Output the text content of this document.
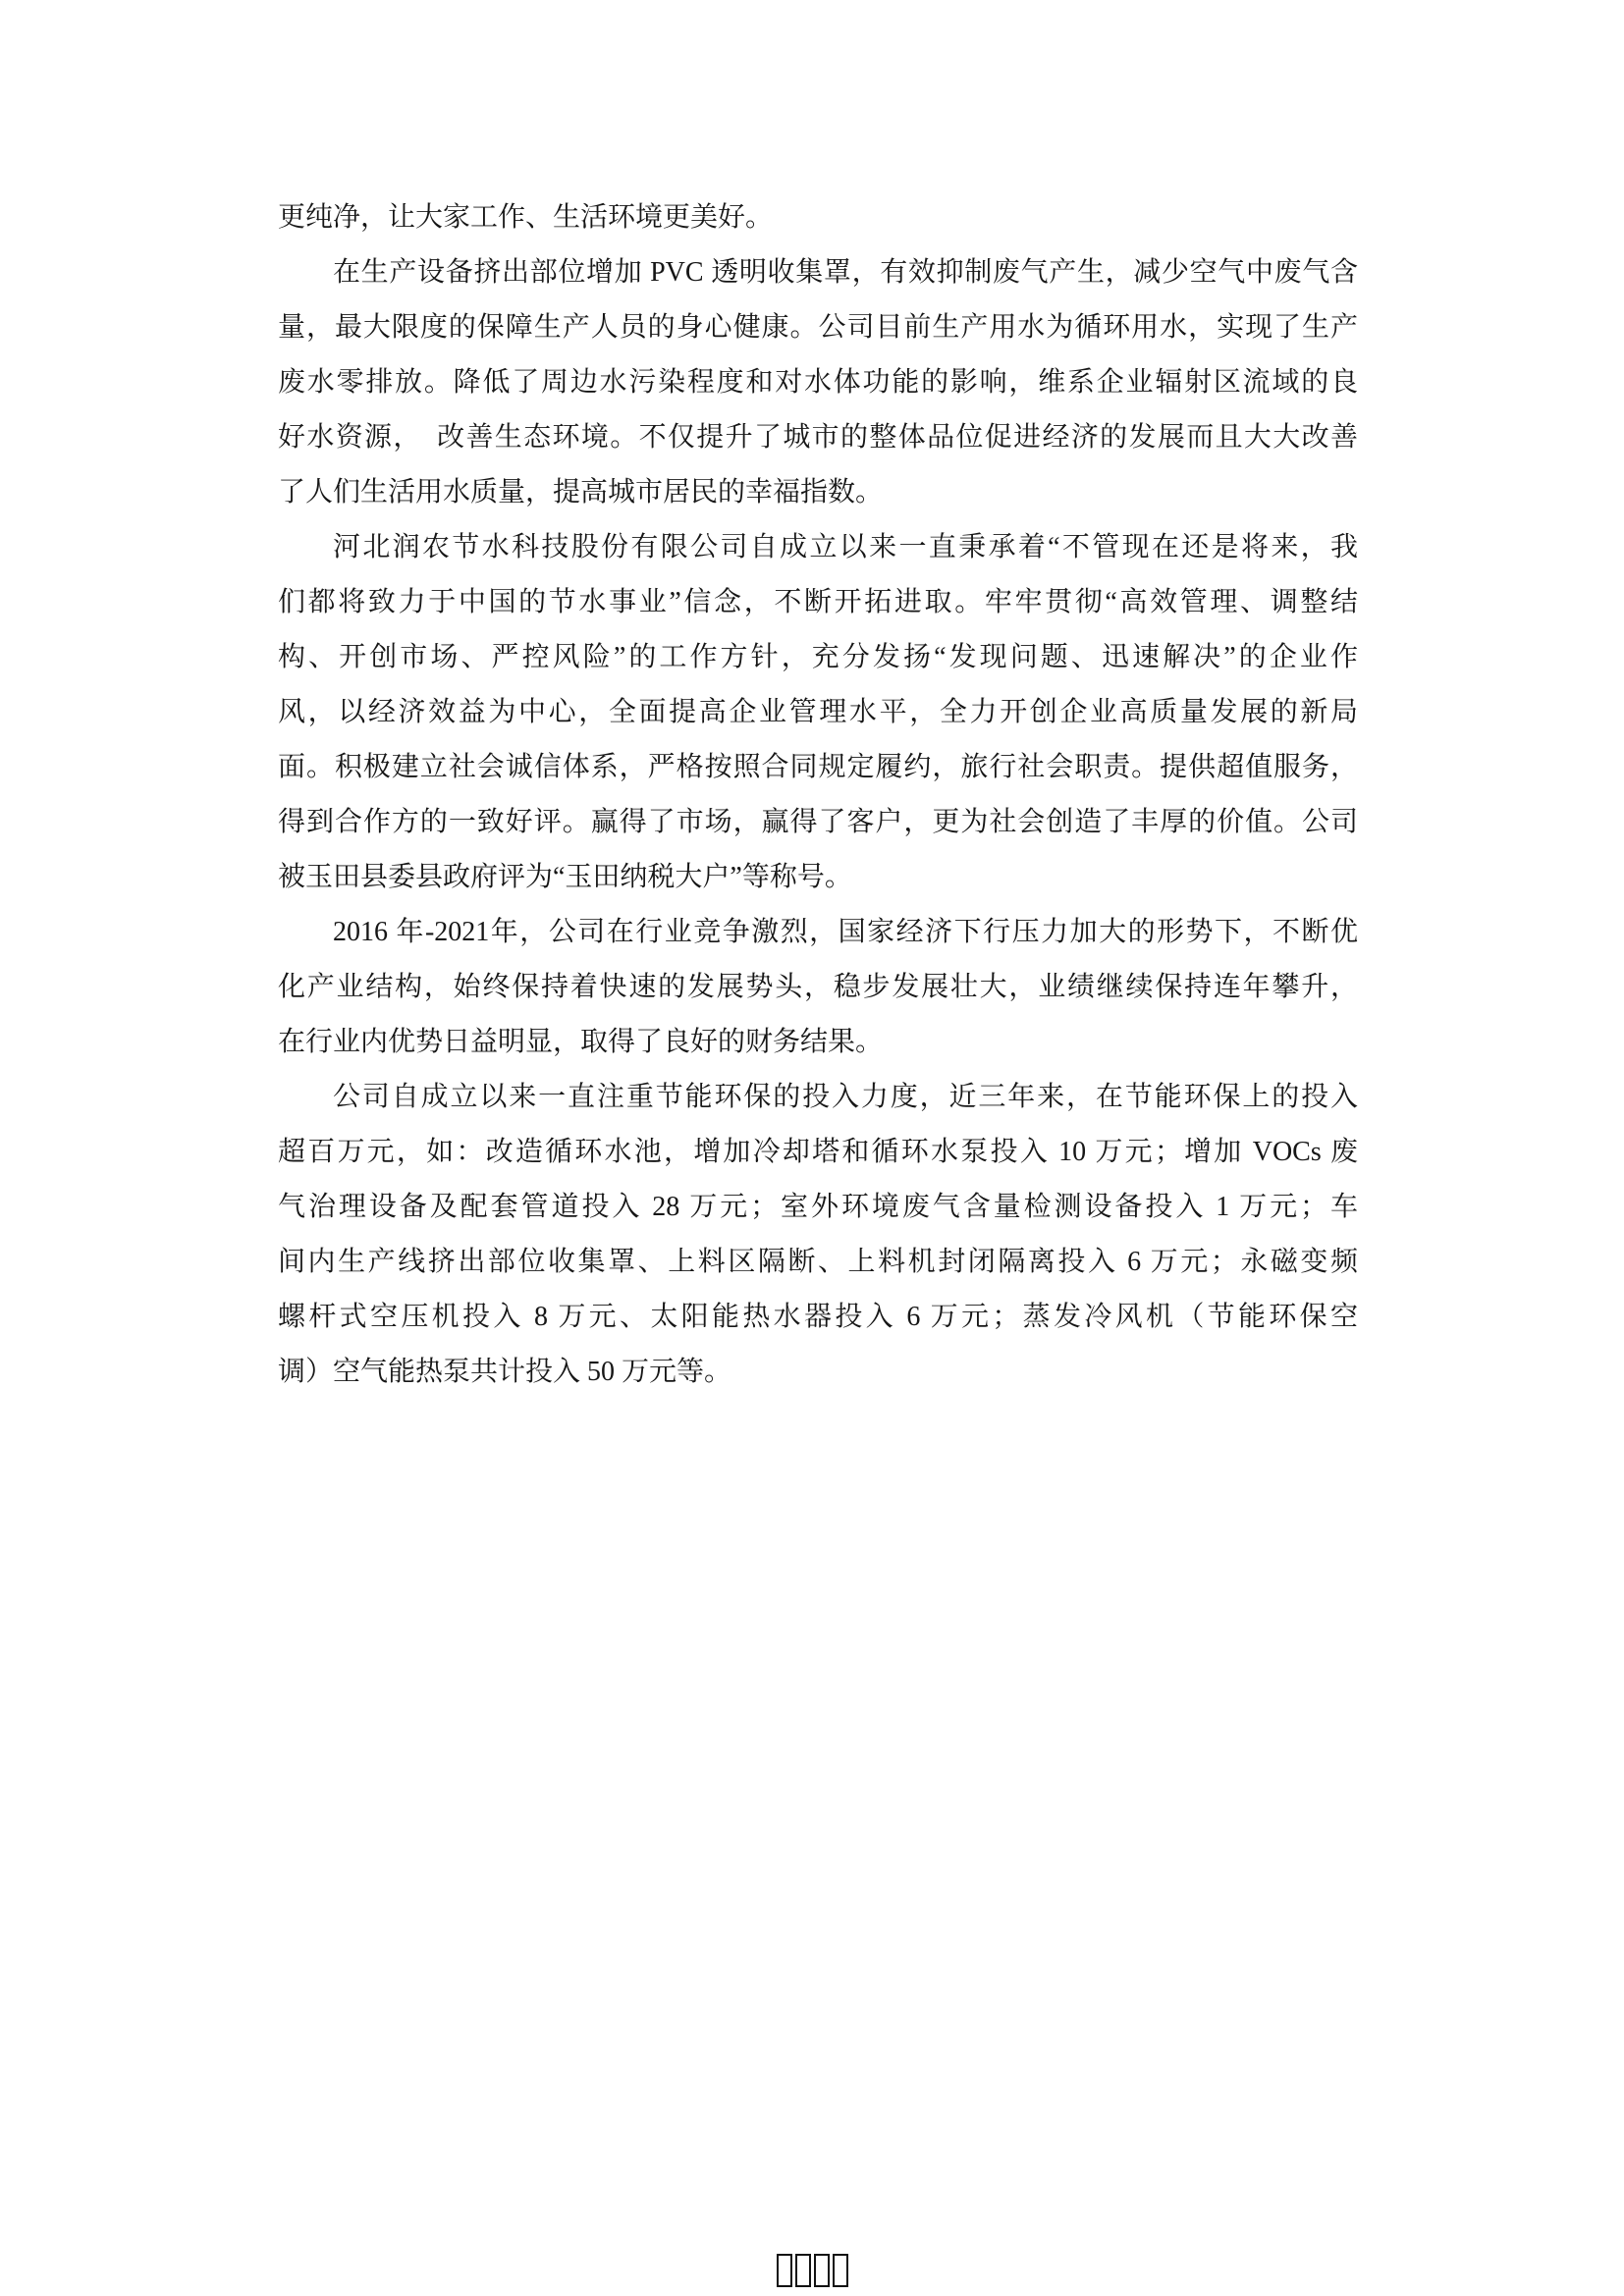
更纯净，让大家工作、生活环境更美好。
在生产设备挤出部位增加 PVC 透明收集罩，有效抑制废气产生，减少空气中废气含
量，最大限度的保障生产人员的身心健康。公司目前生产用水为循环用水，实现了生产
废水零排放。降低了周边水污染程度和对水体功能的影响，维系企业辐射区流域的良
好水资源，　改善生态环境。不仅提升了城市的整体品位促进经济的发展而且大大改善
了人们生活用水质量，提高城市居民的幸福指数。
河北润农节水科技股份有限公司自成立以来一直秉承着“不管现在还是将来，我
们都将致力于中国的节水事业”信念，不断开拓进取。牢牢贯彻“高效管理、调整结
构、开创市场、严控风险”的工作方针，充分发扬“发现问题、迅速解决”的企业作
风，以经济效益为中心，全面提高企业管理水平，全力开创企业高质量发展的新局
面。积极建立社会诚信体系，严格按照合同规定履约，旅行社会职责。提供超值服务，
得到合作方的一致好评。赢得了市场，赢得了客户，更为社会创造了丰厚的价值。公司
被玉田县委县政府评为“玉田纳税大户”等称号。
2016 年-2021年，公司在行业竞争激烈，国家经济下行压力加大的形势下，不断优
化产业结构，始终保持着快速的发展势头，稳步发展壮大，业绩继续保持连年攀升，
在行业内优势日益明显，取得了良好的财务结果。
公司自成立以来一直注重节能环保的投入力度，近三年来，在节能环保上的投入
超百万元，如：改造循环水池，增加冷却塔和循环水泵投入 10 万元；增加 VOCs 废
气治理设备及配套管道投入 28 万元；室外环境废气含量检测设备投入 1 万元；车
间内生产线挤出部位收集罩、上料区隔断、上料机封闭隔离投入 6 万元；永磁变频
螺杆式空压机投入 8 万元、太阳能热水器投入 6 万元；蒸发冷风机（节能环保空
调）空气能热泵共计投入 50 万元等。
